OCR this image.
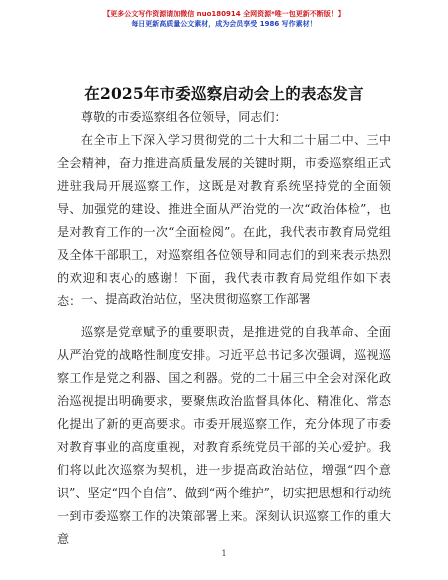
【更多公文写作资源请加微信 nuo180914 全网资源*唯一包更新不断版！】
每日更新高质量公文素材，成为会员享受 1986 写作素材！
在2025年市委巡察启动会上的表态发言
尊敬的市委巡察组各位领导，同志们：

在全市上下深入学习贯彻党的二十大和二十届二中、三中全会精神，奋力推进高质量发展的关键时期，市委巡察组正式进驻我局开展巡察工作，这既是对教育系统坚持党的全面领导、加强党的建设、推进全面从严治党的一次“政治体检”，也是对教育工作的一次“全面检阅”。在此，我代表市教育局党组及全体干部职工，对巡察组各位领导和同志们的到来表示热烈的欢迎和衷心的感谢！下面，我代表市教育局党组作如下表态： 一、提高政治站位，坚决贯彻巡察工作部署

巡察是党章赋予的重要职责，是推进党的自我革命、全面从严治党的战略性制度安排。习近平总书记多次强调，巡视巡察工作是党之利器、国之利器。党的二十届三中全会对深化政治巡视提出明确要求，要聚焦政治监督具体化、精准化、常态化提出了新的更高要求。市委开展巡察工作，充分体现了市委对教育事业的高度重视，对教育系统党员干部的关心爱护。我们将以此次巡察为契机，进一步提高政治站位，增强“四个意识”、坚定“四个自信”、做到“两个维护”，切实把思想和行动统一到市委巡察工作的决策部署上来。深刻认识巡察工作的重大意

1
